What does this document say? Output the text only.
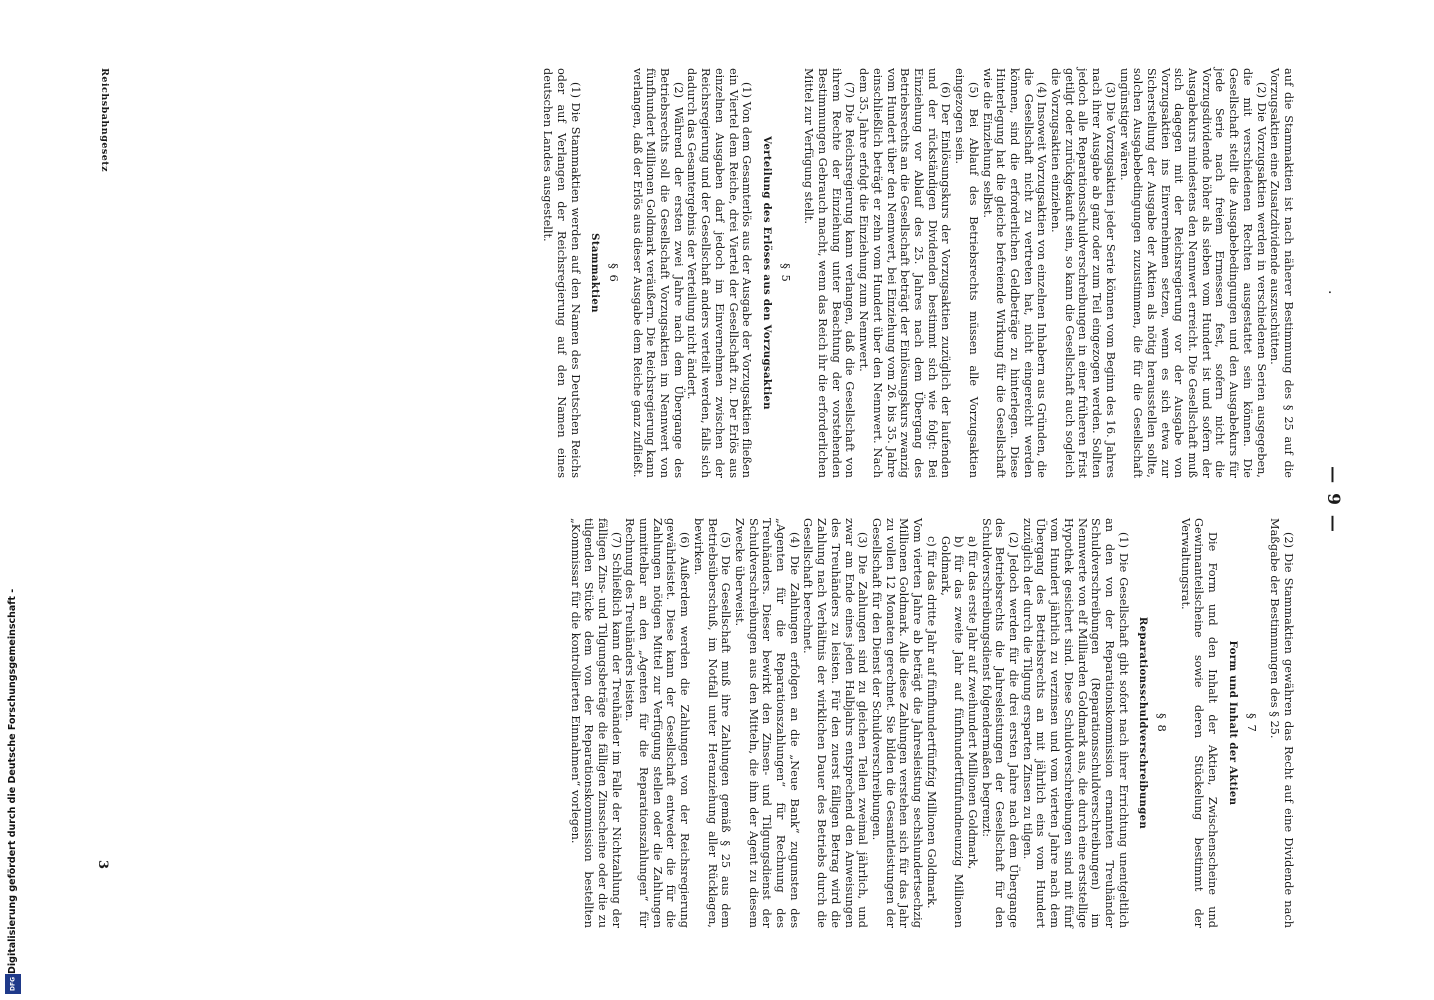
— 9 —
·

auf die Stammaktien ist nach näherer Bestimmung des § 25 auf die Vorzugsaktien eine Zusatzdividende auszuschütten.

(2) Die Vorzugsaktien werden in verschiedenen Serien ausgegeben, die mit verschiedenen Rechten ausgestattet sein können. Die Gesellschaft stellt die Ausgabebedingungen und den Ausgabekurs für jede Serie nach freiem Ermessen fest, sofern nicht die Vorzugsdividende höher als sieben vom Hundert ist und sofern der Ausgabekurs mindestens den Nennwert erreicht. Die Gesellschaft muß sich dagegen mit der Reichsregierung vor der Ausgabe von Vorzugsaktien ins Einvernehmen setzen, wenn es sich etwa zur Sicherstellung der Ausgabe der Aktien als nötig herausstellen sollte, solchen Ausgabebedingungen zuzustimmen, die für die Gesellschaft ungünstiger wären.

(3) Die Vorzugsaktien jeder Serie können vom Beginn des 16. Jahres nach ihrer Ausgabe ab ganz oder zum Teil eingezogen werden. Sollten jedoch alle Reparationsschuldverschreibungen in einer früheren Frist getilgt oder zurückgekauft sein, so kann die Gesellschaft auch sogleich die Vorzugsaktien einziehen.

(4) Insoweit Vorzugsaktien von einzelnen Inhabern aus Gründen, die die Gesellschaft nicht zu vertreten hat, nicht eingereicht werden können, sind die erforderlichen Geldbeträge zu hinterlegen. Diese Hinterlegung hat die gleiche befreiende Wirkung für die Gesellschaft wie die Einziehung selbst.

(5) Bei Ablauf des Betriebsrechts müssen alle Vorzugsaktien eingezogen sein.

(6) Der Einlösungskurs der Vorzugsaktien zuzüglich der laufenden und der rückständigen Dividenden bestimmt sich wie folgt: Bei Einziehung vor Ablauf des 25. Jahres nach dem Übergang des Betriebsrechts an die Gesellschaft beträgt der Einlösungskurs zwanzig vom Hundert über den Nennwert, bei Einziehung vom 26. bis 35. Jahre einschließlich beträgt er zehn vom Hundert über den Nennwert. Nach dem 35. Jahre erfolgt die Einziehung zum Nennwert.

(7) Die Reichsregierung kann verlangen, daß die Gesellschaft von ihrem Rechte der Einziehung unter Beachtung der vorstehenden Bestimmungen Gebrauch macht, wenn das Reich ihr die erforderlichen Mittel zur Verfügung stellt.

§ 5
Verteilung des Erlöses aus den Vorzugsaktien

(1) Von dem Gesamterlös aus der Ausgabe der Vorzugsaktien fließen ein Viertel dem Reiche, drei Viertel der Gesellschaft zu. Der Erlös aus einzelnen Ausgaben darf jedoch im Einvernehmen zwischen der Reichsregierung und der Gesellschaft anders verteilt werden, falls sich dadurch das Gesamtergebnis der Verteilung nicht ändert.

(2) Während der ersten zwei Jahre nach dem Übergange des Betriebsrechts soll die Gesellschaft Vorzugsaktien im Nennwert von fünfhundert Millionen Goldmark veräußern. Die Reichsregierung kann verlangen, daß der Erlös aus dieser Ausgabe dem Reiche ganz zufließt.

§ 6
Stammaktien

(1) Die Stammaktien werden auf den Namen des Deutschen Reichs oder auf Verlangen der Reichsregierung auf den Namen eines deutschen Landes ausgestellt.

(2) Die Stammaktien gewähren das Recht auf eine Dividende nach Maßgabe der Bestimmungen des § 25.

§ 7
Form und Inhalt der Aktien

Die Form und den Inhalt der Aktien, Zwischenscheine und Gewinnanteilscheine sowie deren Stückelung bestimmt der Verwaltungsrat.

§ 8
Reparationsschuldverschreibungen

(1) Die Gesellschaft gibt sofort nach ihrer Errichtung unentgeltlich an den von der Reparationskommission ernannten Treuhänder Schuldverschreibungen (Reparationsschuldverschreibungen) im Nennwerte von elf Milliarden Goldmark aus, die durch eine erststellige Hypothek gesichert sind. Diese Schuldverschreibungen sind mit fünf vom Hundert jährlich zu verzinsen und vom vierten Jahre nach dem Übergang des Betriebsrechts an mit jährlich eins vom Hundert zuzüglich der durch die Tilgung ersparten Zinsen zu tilgen.

(2) Jedoch werden für die drei ersten Jahre nach dem Übergange des Betriebsrechts die Jahresleistungen der Gesellschaft für den Schuldverschreibungsdienst folgendermaßen begrenzt:

a) für das erste Jahr auf zweihundert Millionen Goldmark,

b) für das zweite Jahr auf fünfhundertfünfundneunzig Millionen Goldmark,

c) für das dritte Jahr auf fünfhundertfünfzig Millionen Goldmark.

Vom vierten Jahre ab beträgt die Jahresleistung sechshundertsechzig Millionen Goldmark. Alle diese Zahlungen verstehen sich für das Jahr zu vollen 12 Monaten gerechnet. Sie bilden die Gesamtleistungen der Gesellschaft für den Dienst der Schuldverschreibungen.

(3) Die Zahlungen sind zu gleichen Teilen zweimal jährlich, und zwar am Ende eines jeden Halbjahrs entsprechend den Anweisungen des Treuhänders zu leisten. Für den zuerst fälligen Betrag wird die Zahlung nach Verhältnis der wirklichen Dauer des Betriebs durch die Gesellschaft berechnet.

(4) Die Zahlungen erfolgen an die „Neue Bank“ zugunsten des „Agenten für die Reparationszahlungen“ für Rechnung des Treuhänders. Dieser bewirkt den Zinsen- und Tilgungsdienst der Schuldverschreibungen aus den Mitteln, die ihm der Agent zu diesem Zwecke überweist.

(5) Die Gesellschaft muß ihre Zahlungen gemäß § 25 aus dem Betriebsüberschuß, im Notfall unter Heranziehung aller Rücklagen, bewirken.

(6) Außerdem werden die Zahlungen von der Reichsregierung gewährleistet. Diese kann der Gesellschaft entweder die für die Zahlungen nötigen Mittel zur Verfügung stellen oder die Zahlungen unmittelbar an den „Agenten für die Reparationszahlungen“ für Rechnung des Treuhänders leisten.

(7) Schließlich kann der Treuhänder im Falle der Nichtzahlung der fälligen Zins- und Tilgungsbeträge die fälligen Zinsscheine oder die zu tilgenden Stücke dem von der Reparationskommission bestellten „Kommissar für die kontrollierten Einnahmen“ vorlegen.

Reichsbahngesetz
3
Digitalisierung gefördert durch die Deutsche Forschungsgemeinschaft -
DFG
